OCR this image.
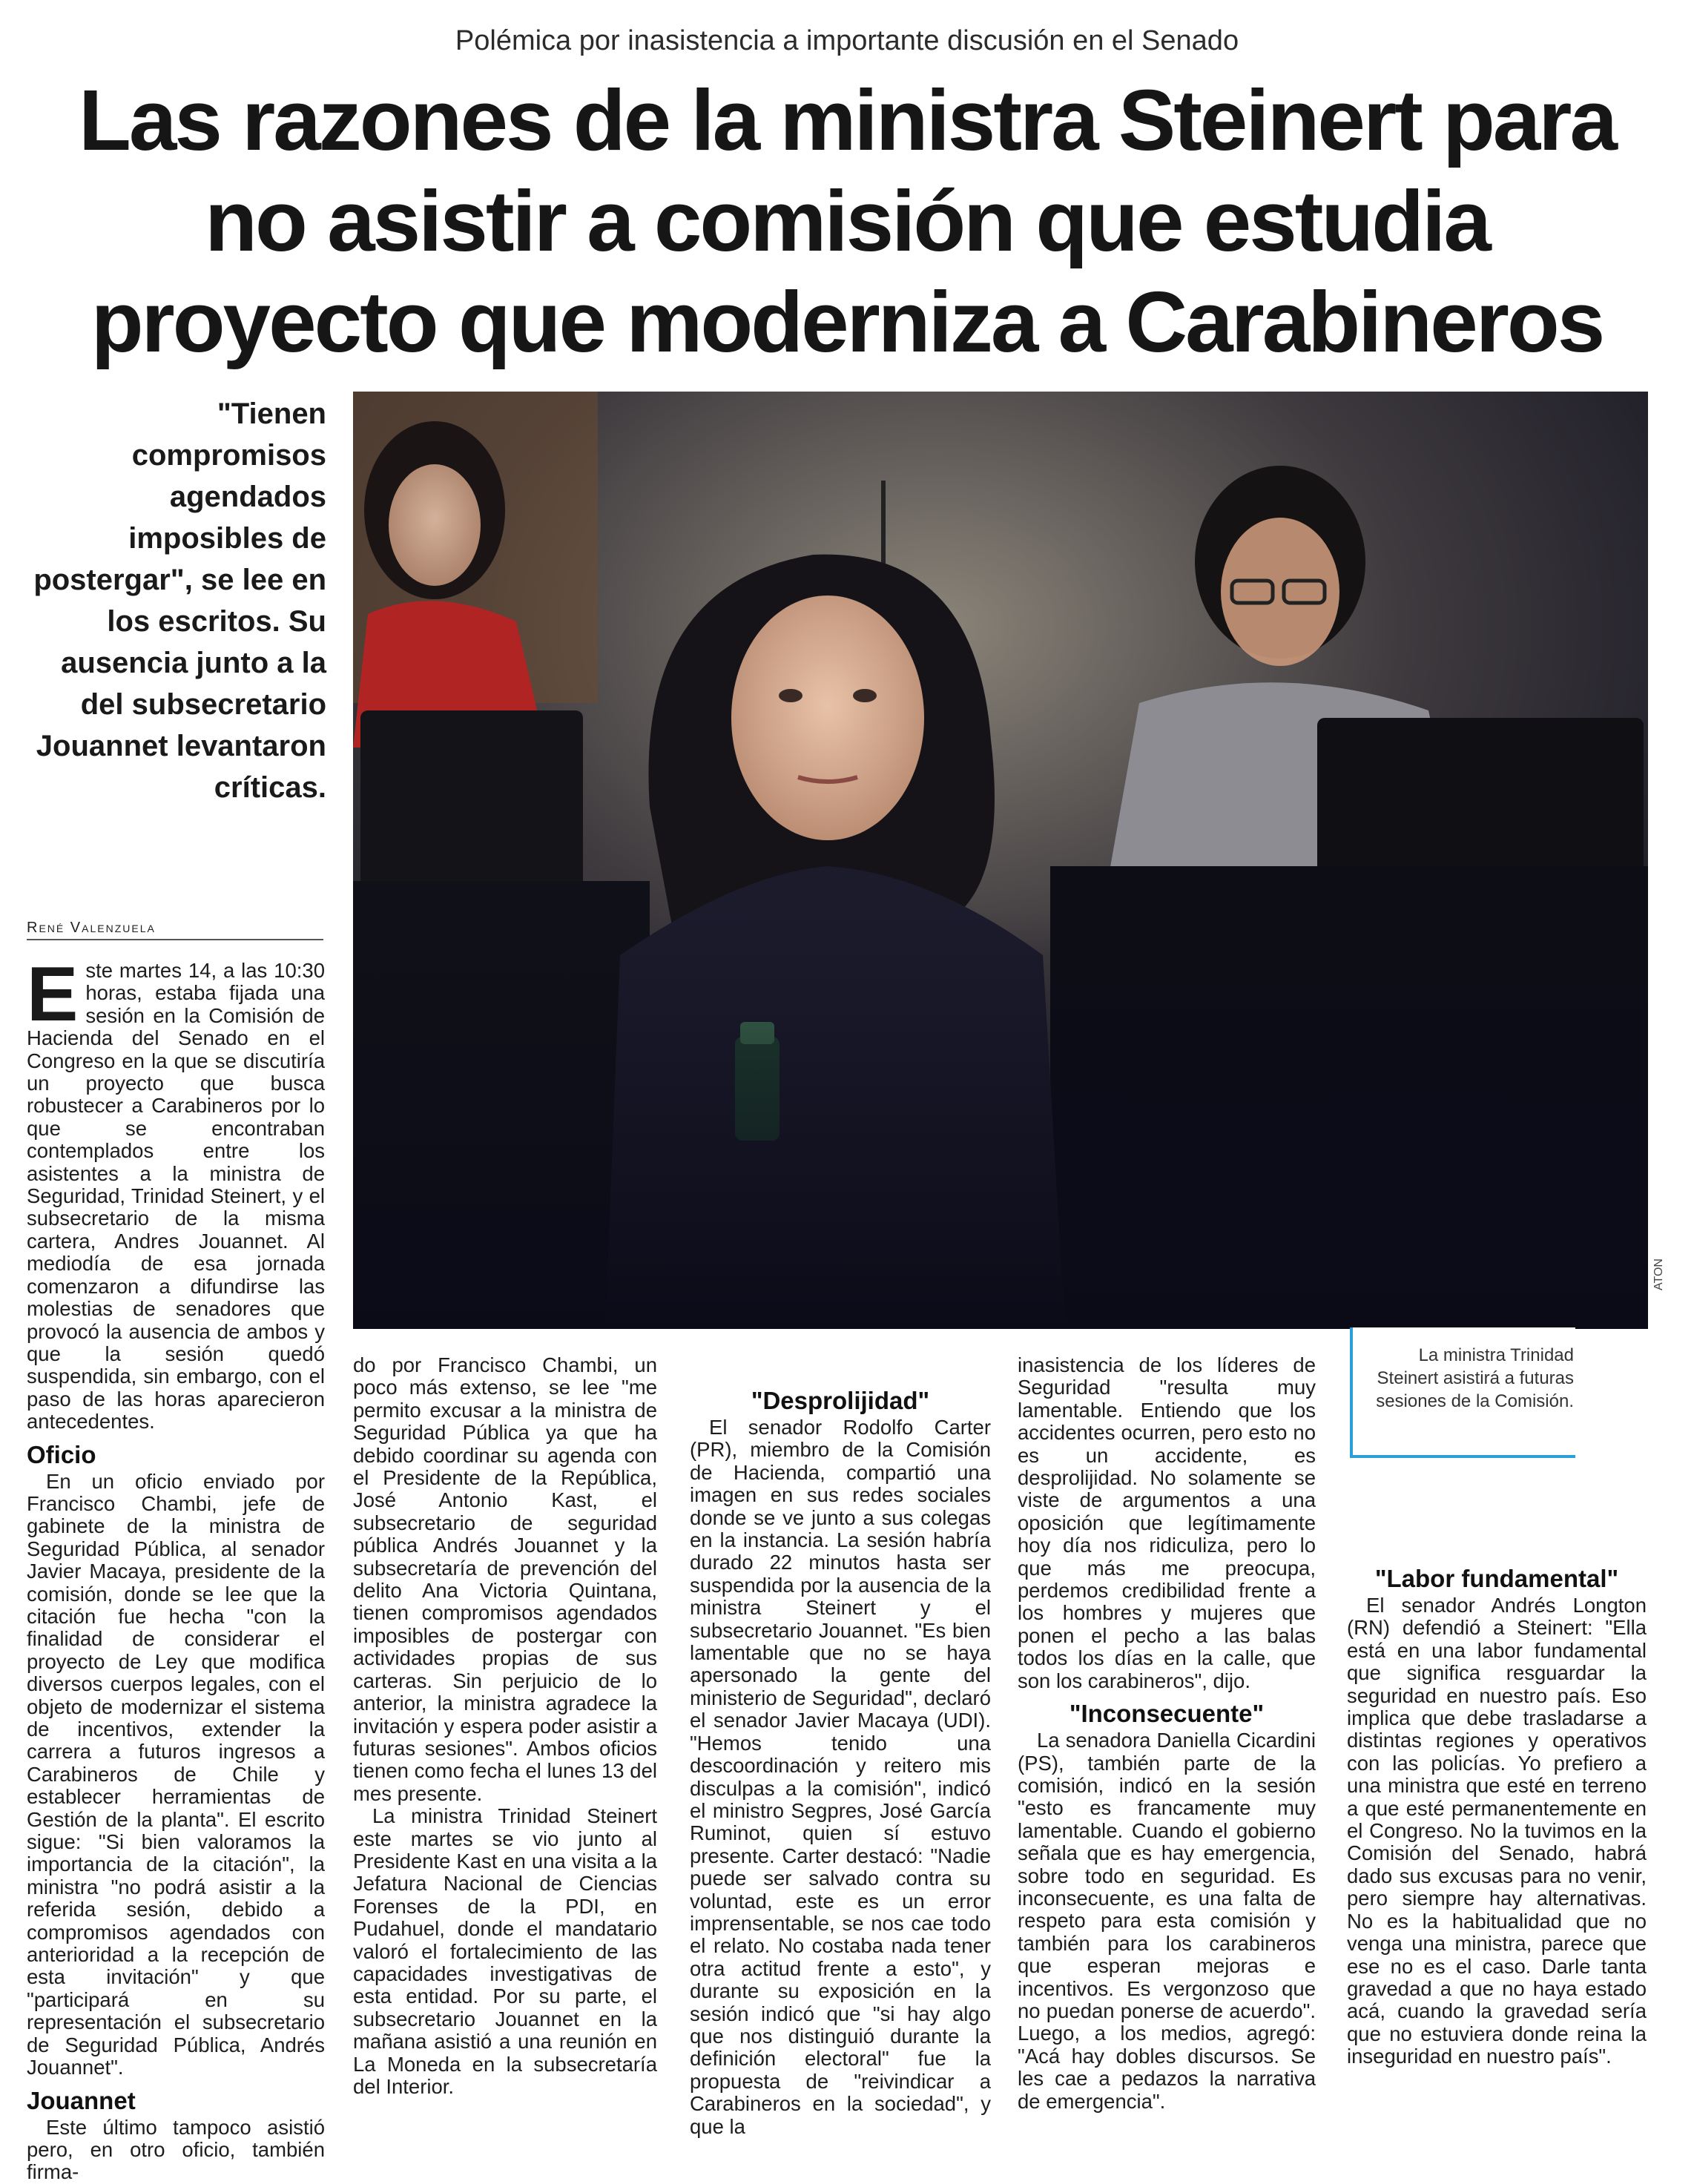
Polémica por inasistencia a importante discusión en el Senado
Las razones de la ministra Steinert para no asistir a comisión que estudia proyecto que moderniza a Carabineros
"Tienen compromisos agendados imposibles de postergar", se lee en los escritos. Su ausencia junto a la del subsecretario Jouannet levantaron críticas.
ATON
René Valenzuela

Este martes 14, a las 10:30 horas, estaba fijada una sesión en la Comisión de Hacienda del Senado en el Congreso en la que se discutiría un proyecto que busca robustecer a Carabineros por lo que se encontraban contemplados entre los asistentes a la ministra de Seguridad, Trinidad Steinert, y el subsecretario de la misma cartera, Andres Jouannet. Al mediodía de esa jornada comenzaron a difundirse las molestias de senadores que provocó la ausencia de ambos y que la sesión quedó suspendida, sin embargo, con el paso de las horas aparecieron antecedentes.

Oficio

En un oficio enviado por Francisco Chambi, jefe de gabinete de la ministra de Seguridad Pública, al senador Javier Macaya, presidente de la comisión, donde se lee que la citación fue hecha "con la finalidad de considerar el proyecto de Ley que modifica diversos cuerpos legales, con el objeto de modernizar el sistema de incentivos, extender la carrera a futuros ingresos a Carabineros de Chile y establecer herramientas de Gestión de la planta". El escrito sigue: "Si bien valoramos la importancia de la citación", la ministra "no podrá asistir a la referida sesión, debido a compromisos agendados con anterioridad a la recepción de esta invitación" y que "participará en su representación el subsecretario de Seguridad Pública, Andrés Jouannet".

Jouannet

Este último tampoco asistió pero, en otro oficio, también firma-

do por Francisco Chambi, un poco más extenso, se lee "me permito excusar a la ministra de Seguridad Pública ya que ha debido coordinar su agenda con el Presidente de la República, José Antonio Kast, el subsecretario de seguridad pública Andrés Jouannet y la subsecretaría de prevención del delito Ana Victoria Quintana, tienen compromisos agendados imposibles de postergar con actividades propias de sus carteras. Sin perjuicio de lo anterior, la ministra agradece la invitación y espera poder asistir a futuras sesiones". Ambos oficios tienen como fecha el lunes 13 del mes presente.

La ministra Trinidad Steinert este martes se vio junto al Presidente Kast en una visita a la Jefatura Nacional de Ciencias Forenses de la PDI, en Pudahuel, donde el mandatario valoró el fortalecimiento de las capacidades investigativas de esta entidad. Por su parte, el subsecretario Jouannet en la mañana asistió a una reunión en La Moneda en la subsecretaría del Interior.

"Desprolijidad"

El senador Rodolfo Carter (PR), miembro de la Comisión de Hacienda, compartió una imagen en sus redes sociales donde se ve junto a sus colegas en la instancia. La sesión habría durado 22 minutos hasta ser suspendida por la ausencia de la ministra Steinert y el subsecretario Jouannet. "Es bien lamentable que no se haya apersonado la gente del ministerio de Seguridad", declaró el senador Javier Macaya (UDI). "Hemos tenido una descoordinación y reitero mis disculpas a la comisión", indicó el ministro Segpres, José García Ruminot, quien sí estuvo presente. Carter destacó: "Nadie puede ser salvado contra su voluntad, este es un error imprensentable, se nos cae todo el relato. No costaba nada tener otra actitud frente a esto", y durante su exposición en la sesión indicó que "si hay algo que nos distinguió durante la definición electoral" fue la propuesta de "reivindicar a Carabineros en la sociedad", y que la

inasistencia de los líderes de Seguridad "resulta muy lamentable. Entiendo que los accidentes ocurren, pero esto no es un accidente, es desprolijidad. No solamente se viste de argumentos a una oposición que legítimamente hoy día nos ridiculiza, pero lo que más me preocupa, perdemos credibilidad frente a los hombres y mujeres que ponen el pecho a las balas todos los días en la calle, que son los carabineros", dijo.

"Inconsecuente"

La senadora Daniella Cicardini (PS), también parte de la comisión, indicó en la sesión "esto es francamente muy lamentable. Cuando el gobierno señala que es hay emergencia, sobre todo en seguridad. Es inconsecuente, es una falta de respeto para esta comisión y también para los carabineros que esperan mejoras e incentivos. Es vergonzoso que no puedan ponerse de acuerdo". Luego, a los medios, agregó: "Acá hay dobles discursos. Se les cae a pedazos la narrativa de emergencia".

La ministra Trinidad Steinert asistirá a futuras sesiones de la Comisión.
"Labor fundamental"

El senador Andrés Longton (RN) defendió a Steinert: "Ella está en una labor fundamental que significa resguardar la seguridad en nuestro país. Eso implica que debe trasladarse a distintas regiones y operativos con las policías. Yo prefiero a una ministra que esté en terreno a que esté permanentemente en el Congreso. No la tuvimos en la Comisión del Senado, habrá dado sus excusas para no venir, pero siempre hay alternativas. No es la habitualidad que no venga una ministra, parece que ese no es el caso. Darle tanta gravedad a que no haya estado acá, cuando la gravedad sería que no estuviera donde reina la inseguridad en nuestro país".
